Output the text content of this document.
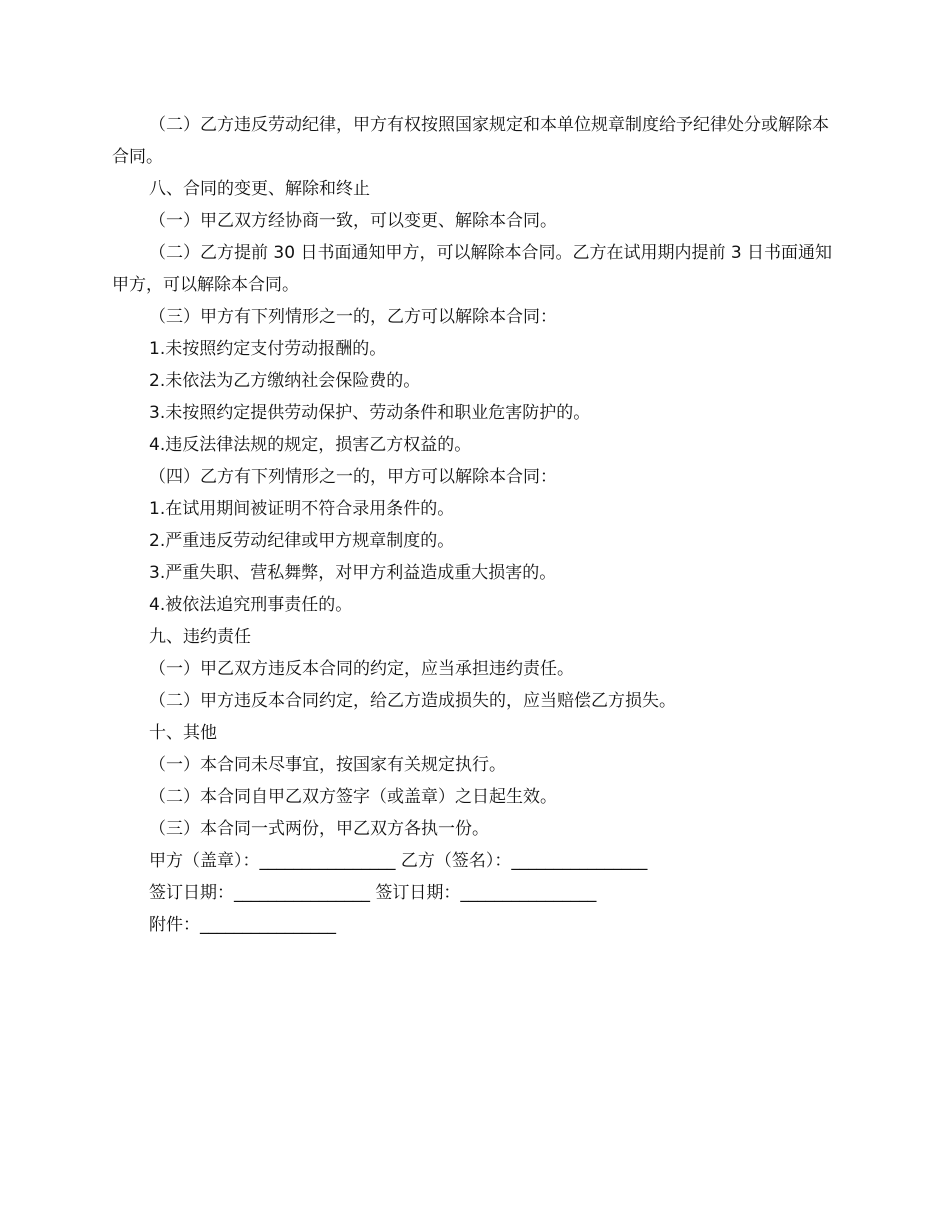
（二）乙方违反劳动纪律，甲方有权按照国家规定和本单位规章制度给予纪律处分或解除本合同。

八、合同的变更、解除和终止

（一）甲乙双方经协商一致，可以变更、解除本合同。

（二）乙方提前 30 日书面通知甲方，可以解除本合同。乙方在试用期内提前 3 日书面通知甲方，可以解除本合同。

（三）甲方有下列情形之一的，乙方可以解除本合同：

1.未按照约定支付劳动报酬的。

2.未依法为乙方缴纳社会保险费的。

3.未按照约定提供劳动保护、劳动条件和职业危害防护的。

4.违反法律法规的规定，损害乙方权益的。

（四）乙方有下列情形之一的，甲方可以解除本合同：

1.在试用期间被证明不符合录用条件的。

2.严重违反劳动纪律或甲方规章制度的。

3.严重失职、营私舞弊，对甲方利益造成重大损害的。

4.被依法追究刑事责任的。

九、违约责任

（一）甲乙双方违反本合同的约定，应当承担违约责任。

（二）甲方违反本合同约定，给乙方造成损失的，应当赔偿乙方损失。

十、其他

（一）本合同未尽事宜，按国家有关规定执行。

（二）本合同自甲乙双方签字（或盖章）之日起生效。

（三）本合同一式两份，甲乙双方各执一份。

甲方（盖章）：________________ 乙方（签名）：________________

签订日期：________________ 签订日期：________________

附件：________________
